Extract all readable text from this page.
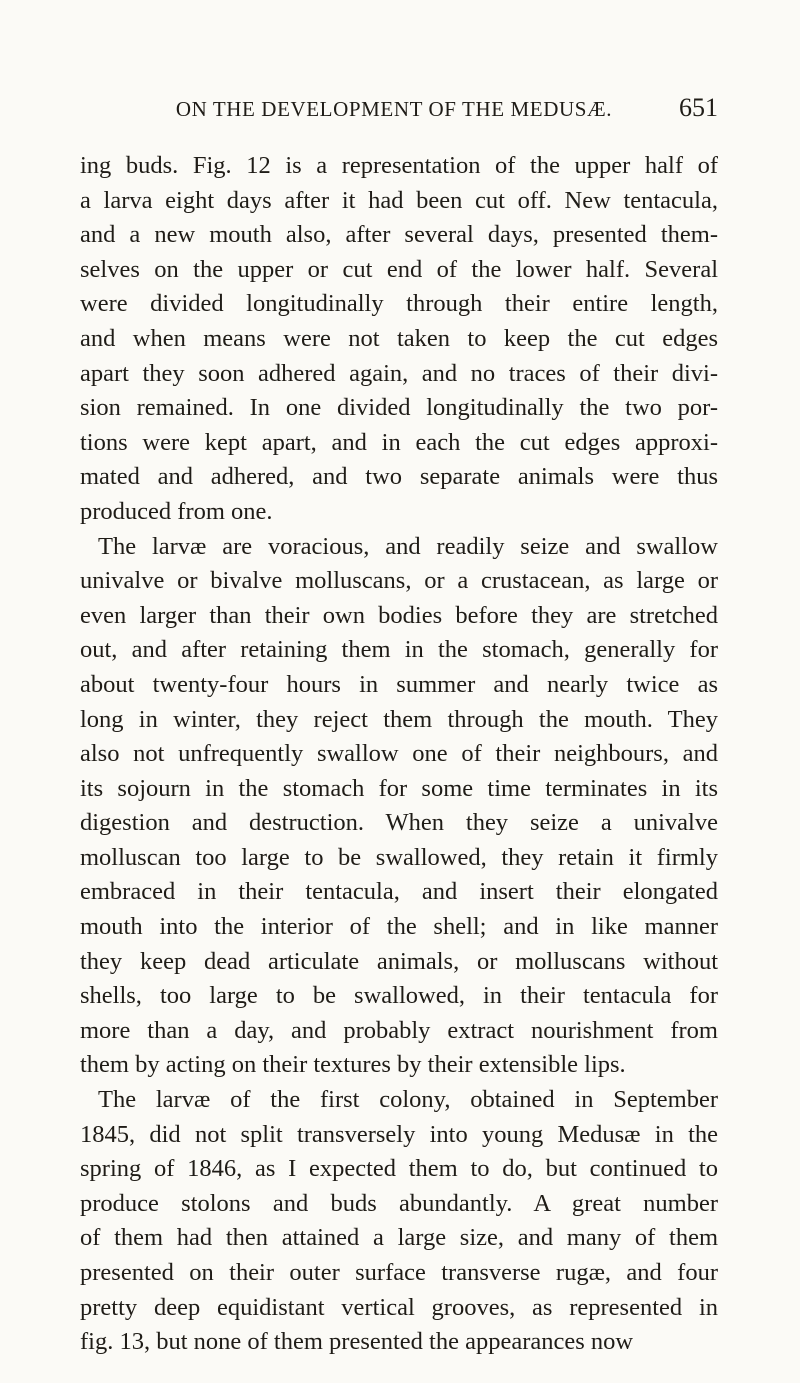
ON THE DEVELOPMENT OF THE MEDUSÆ.	651
ing buds. Fig. 12 is a representation of the upper half of
a larva eight days after it had been cut off. New tentacula,
and a new mouth also, after several days, presented them-
selves on the upper or cut end of the lower half. Several
were divided longitudinally through their entire length,
and when means were not taken to keep the cut edges
apart they soon adhered again, and no traces of their divi-
sion remained. In one divided longitudinally the two por-
tions were kept apart, and in each the cut edges approxi-
mated and adhered, and two separate animals were thus
produced from one.
The larvæ are voracious, and readily seize and swallow
univalve or bivalve molluscans, or a crustacean, as large or
even larger than their own bodies before they are stretched
out, and after retaining them in the stomach, generally for
about twenty-four hours in summer and nearly twice as
long in winter, they reject them through the mouth. They
also not unfrequently swallow one of their neighbours, and
its sojourn in the stomach for some time terminates in its
digestion and destruction. When they seize a univalve
molluscan too large to be swallowed, they retain it firmly
embraced in their tentacula, and insert their elongated
mouth into the interior of the shell; and in like manner
they keep dead articulate animals, or molluscans without
shells, too large to be swallowed, in their tentacula for
more than a day, and probably extract nourishment from
them by acting on their textures by their extensible lips.
The larvæ of the first colony, obtained in September
1845, did not split transversely into young Medusæ in the
spring of 1846, as I expected them to do, but continued to
produce stolons and buds abundantly. A great number
of them had then attained a large size, and many of them
presented on their outer surface transverse rugæ, and four
pretty deep equidistant vertical grooves, as represented in
fig. 13, but none of them presented the appearances now
